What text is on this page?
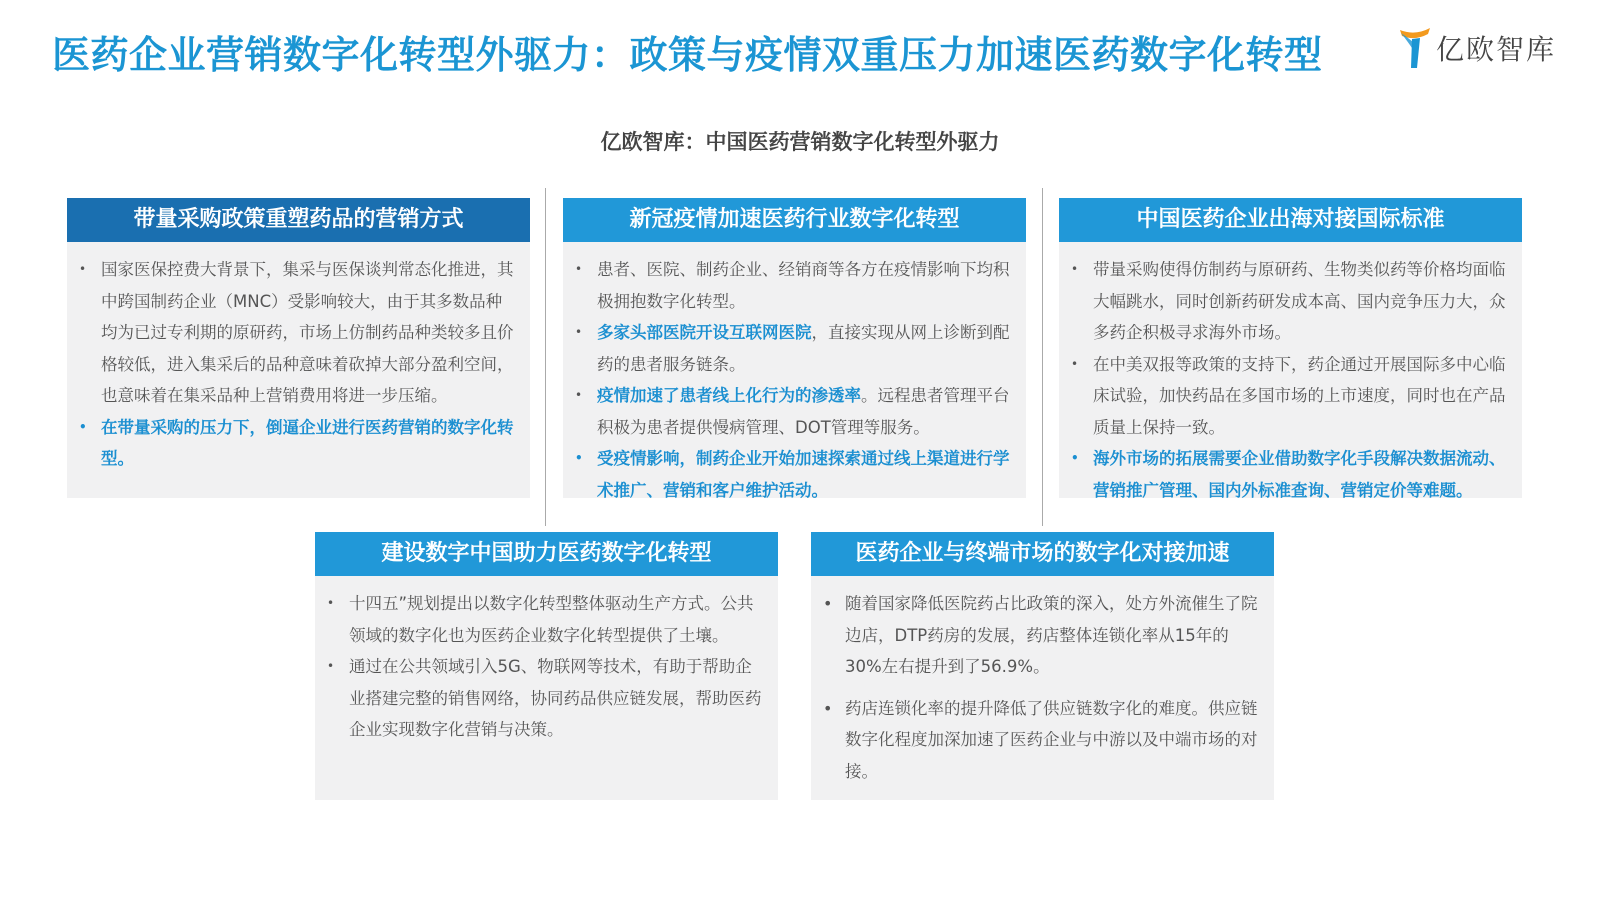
医药企业营销数字化转型外驱力：政策与疫情双重压力加速医药数字化转型	亿欧智库
亿欧智库：中国医药营销数字化转型外驱力
带量采购政策重塑药品的营销方式
• 国家医保控费大背景下，集采与医保谈判常态化推进，其中跨国制药企业（MNC）受影响较大，由于其多数品种均为已过专利期的原研药，市场上仿制药品种类较多且价格较低，进入集采后的品种意味着砍掉大部分盈利空间，也意味着在集采品种上营销费用将进一步压缩。
• 在带量采购的压力下，倒逼企业进行医药营销的数字化转型。
新冠疫情加速医药行业数字化转型
• 患者、医院、制药企业、经销商等各方在疫情影响下均积极拥抱数字化转型。
• 多家头部医院开设互联网医院，直接实现从网上诊断到配药的患者服务链条。
• 疫情加速了患者线上化行为的渗透率。远程患者管理平台积极为患者提供慢病管理、DOT管理等服务。
• 受疫情影响，制药企业开始加速探索通过线上渠道进行学术推广、营销和客户维护活动。
中国医药企业出海对接国际标准
• 带量采购使得仿制药与原研药、生物类似药等价格均面临大幅跳水，同时创新药研发成本高、国内竞争压力大，众多药企积极寻求海外市场。
• 在中美双报等政策的支持下，药企通过开展国际多中心临床试验，加快药品在多国市场的上市速度，同时也在产品质量上保持一致。
• 海外市场的拓展需要企业借助数字化手段解决数据流动、营销推广管理、国内外标准查询、营销定价等难题。
建设数字中国助力医药数字化转型
• 十四五”规划提出以数字化转型整体驱动生产方式。公共领域的数字化也为医药企业数字化转型提供了土壤。
• 通过在公共领域引入5G、物联网等技术，有助于帮助企业搭建完整的销售网络，协同药品供应链发展，帮助医药企业实现数字化营销与决策。
医药企业与终端市场的数字化对接加速
• 随着国家降低医院药占比政策的深入，处方外流催生了院边店，DTP药房的发展，药店整体连锁化率从15年的30%左右提升到了56.9%。
• 药店连锁化率的提升降低了供应链数字化的难度。供应链数字化程度加深加速了医药企业与中游以及中端市场的对接。
